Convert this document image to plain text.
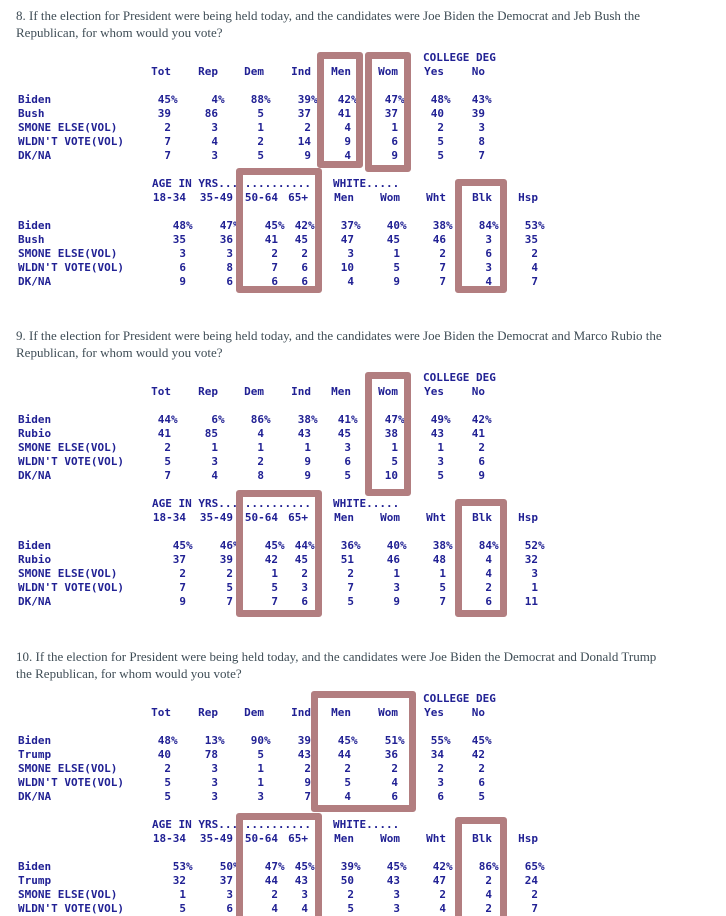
8. If the election for President were being held today, and the candidates were Joe Biden the Democrat and Jeb Bush the
Republican, for whom would you vote?
COLLEGE DEG
	Tot	Rep	Dem	Ind	Men	Wom	Yes	No

Biden	45%	4%	88%	39%	42%	47%	48%	43%
Bush	39	86	5	37	41	37	40	39
SMONE ELSE(VOL)	2	3	1	2	4	1	2	3
WLDN'T VOTE(VOL)	7	4	2	14	9	6	5	8
DK/NA	7	3	5	9	4	9	5	7
AGE IN YRS.............. WHITE.....
	18-34	35-49	50-64	65+	Men	Wom	Wht	Blk	Hsp

Biden	48%	47%	45%	42%	37%	40%	38%	84%	53%
Bush	35	36	41	45	47	45	46	3	35
SMONE ELSE(VOL)	3	3	2	2	3	1	2	6	2
WLDN'T VOTE(VOL)	6	8	7	6	10	5	7	3	4
DK/NA	9	6	6	6	4	9	7	4	7
9. If the election for President were being held today, and the candidates were Joe Biden the Democrat and Marco Rubio the
Republican, for whom would you vote?
COLLEGE DEG
	Tot	Rep	Dem	Ind	Men	Wom	Yes	No

Biden	44%	6%	86%	38%	41%	47%	49%	42%
Rubio	41	85	4	43	45	38	43	41
SMONE ELSE(VOL)	2	1	1	1	3	1	1	2
WLDN'T VOTE(VOL)	5	3	2	9	6	5	3	6
DK/NA	7	4	8	9	5	10	5	9
AGE IN YRS.............. WHITE.....
	18-34	35-49	50-64	65+	Men	Wom	Wht	Blk	Hsp

Biden	45%	46%	45%	44%	36%	40%	38%	84%	52%
Rubio	37	39	42	45	51	46	48	4	32
SMONE ELSE(VOL)	2	2	1	2	2	1	1	4	3
WLDN'T VOTE(VOL)	7	5	5	3	7	3	5	2	1
DK/NA	9	7	7	6	5	9	7	6	11
10. If the election for President were being held today, and the candidates were Joe Biden the Democrat and Donald Trump
the Republican, for whom would you vote?
COLLEGE DEG
	Tot	Rep	Dem	Ind	Men	Wom	Yes	No

Biden	48%	13%	90%	39%	45%	51%	55%	45%
Trump	40	78	5	43	44	36	34	42
SMONE ELSE(VOL)	2	3	1	2	2	2	2	2
WLDN'T VOTE(VOL)	5	3	1	9	5	4	3	6
DK/NA	5	3	3	7	4	6	6	5
AGE IN YRS.............. WHITE.....
	18-34	35-49	50-64	65+	Men	Wom	Wht	Blk	Hsp

Biden	53%	50%	47%	45%	39%	45%	42%	86%	65%
Trump	32	37	44	43	50	43	47	2	24
SMONE ELSE(VOL)	1	3	2	3	2	3	2	4	2
WLDN'T VOTE(VOL)	5	6	4	4	5	3	4	2	7
